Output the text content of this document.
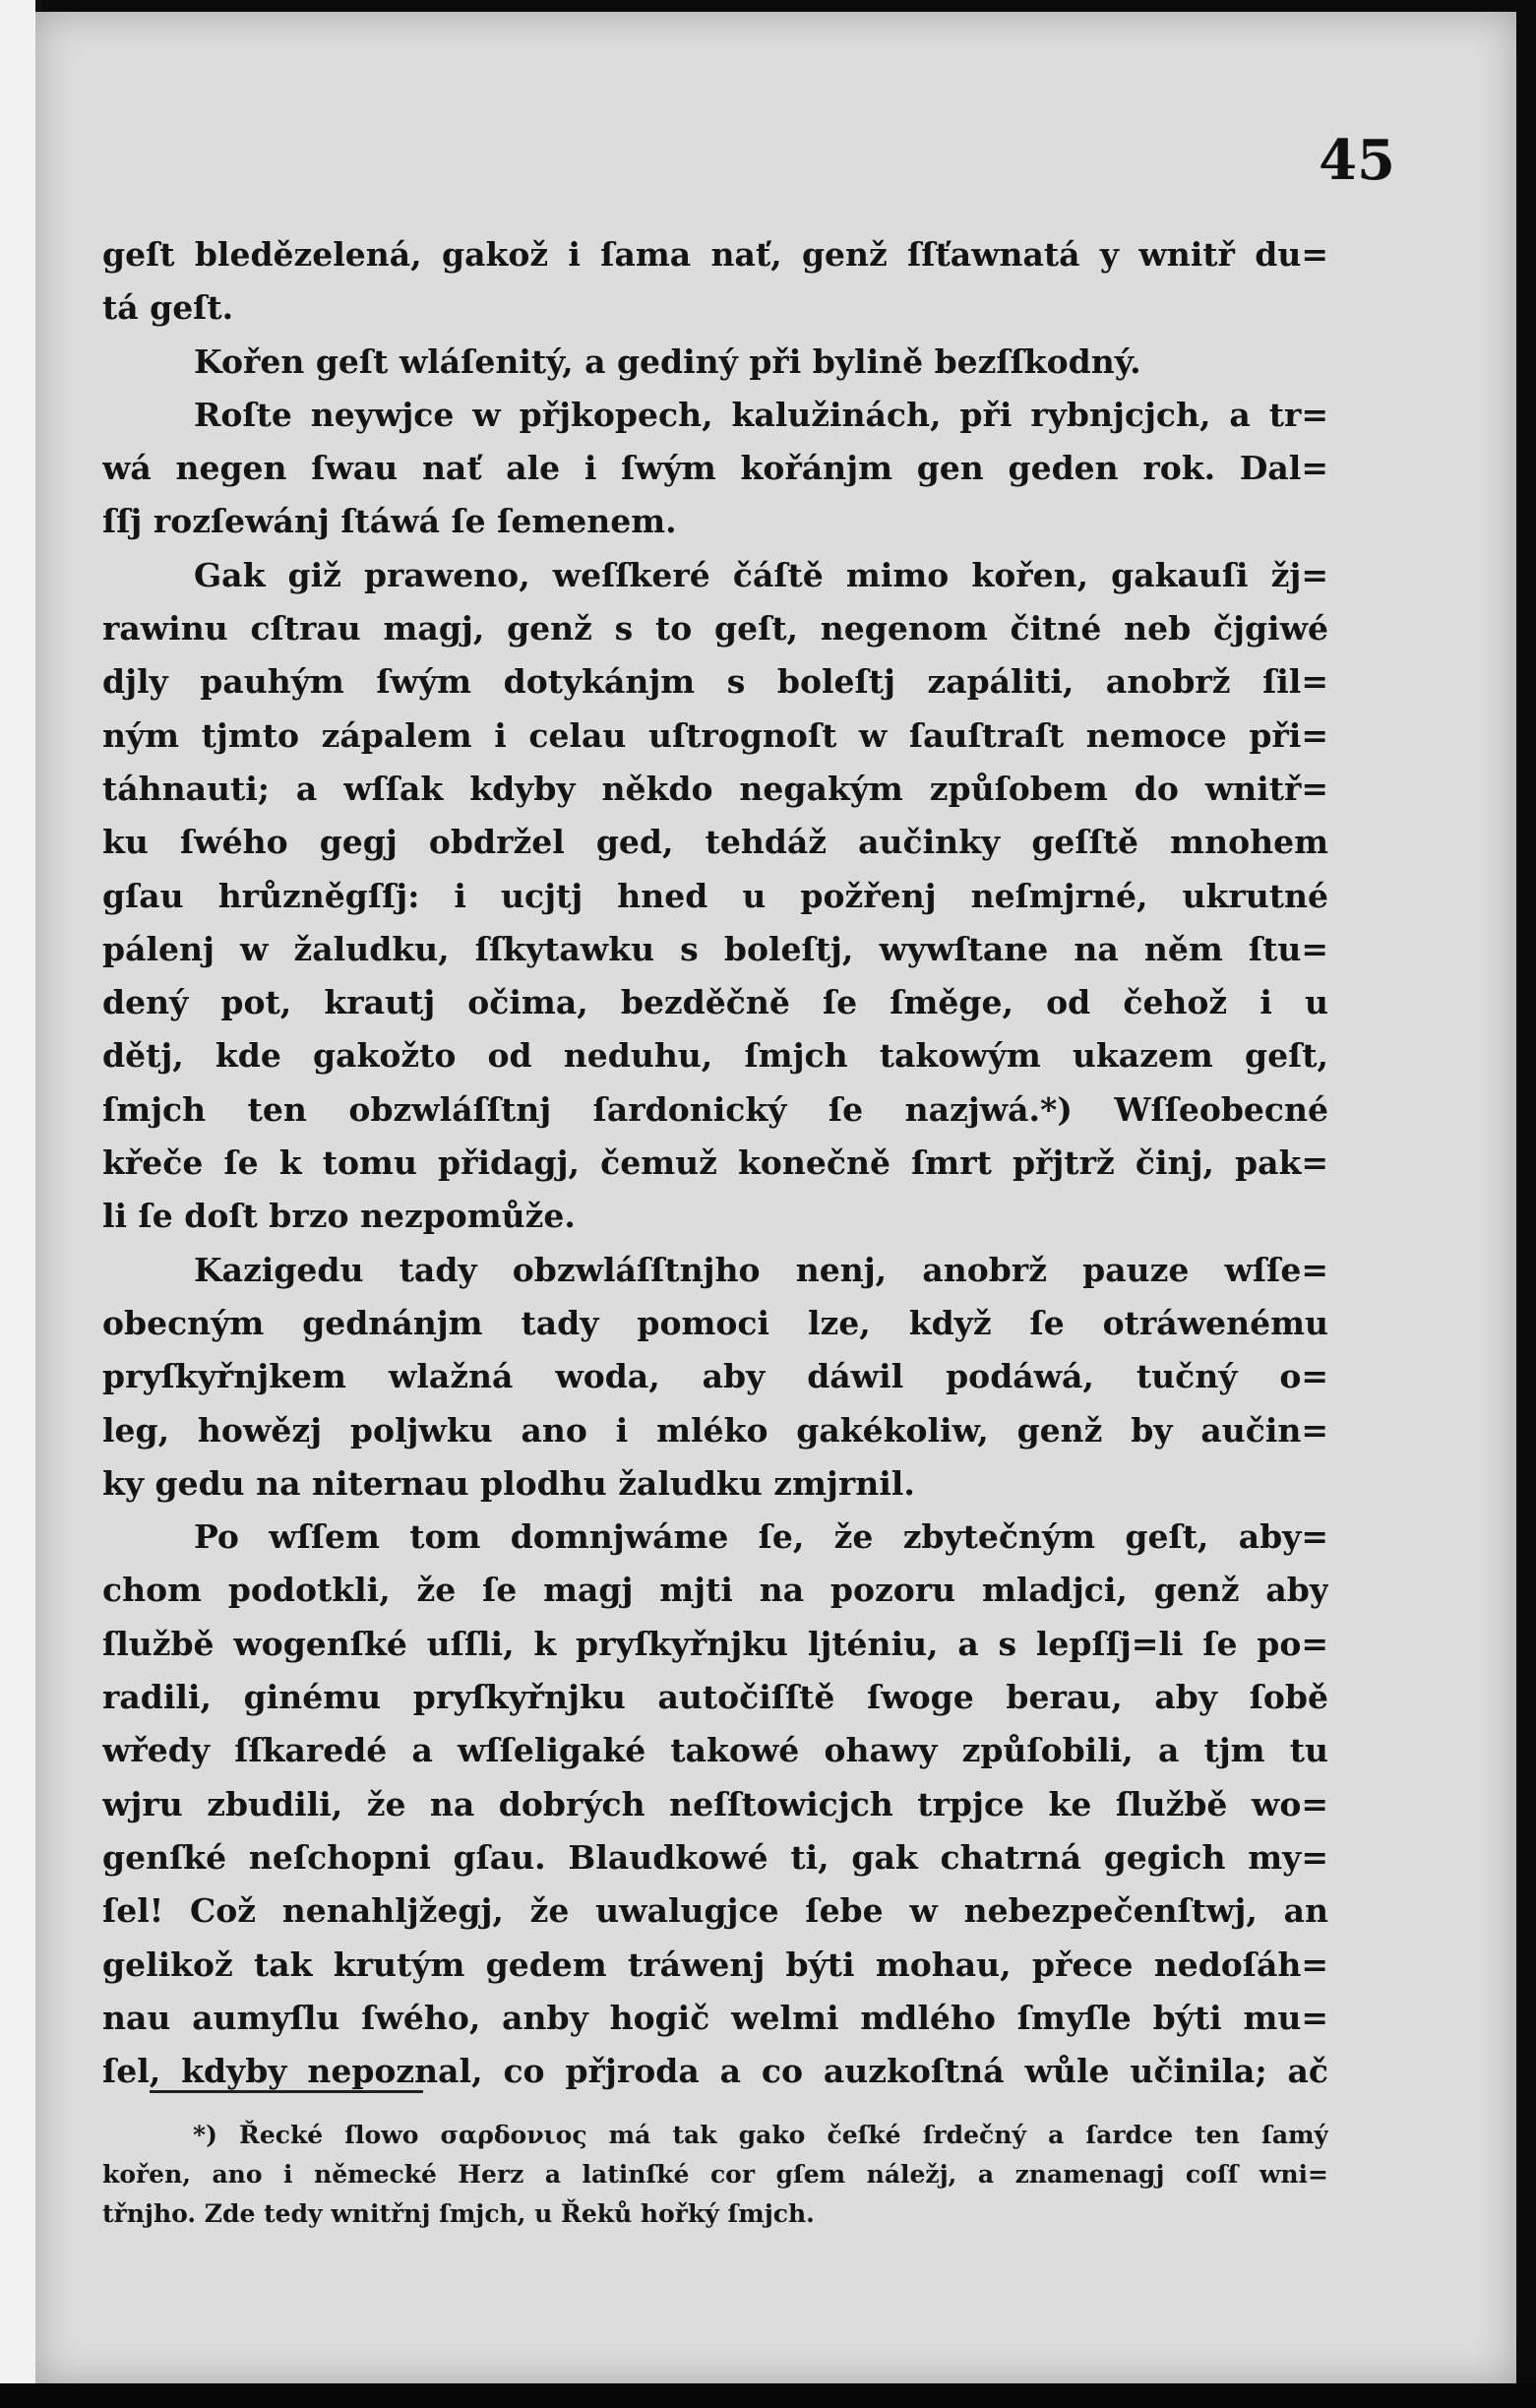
45
geſt bledězelená, gakož i ſama nať, genž ſſťawnatá y wnitř du=
tá geſt.
Kořen geſt wláſenitý, a gediný při bylině bezſſkodný.
Roſte neywjce w přjkopech, kalužinách, při rybnjcjch, a tr=
wá negen ſwau nať ale i ſwým kořánjm gen geden rok. Dal=
ſſj rozſewánj ſtáwá ſe ſemenem.
Gak giž prawenо, weſſkeré čáſtě mimo kořen, gakauſi žj=
rawinu cſtrau magj, genž s to geſt, negenom čitné neb čjgiwé
djly pauhým ſwým dotykánjm s boleſtj zapáliti, anobrž ſil=
ným tjmto zápalem i celau uſtrognoſt w ſauſtraſt nemoce při=
táhnauti; a wſſak kdyby někdo negakým způſobem do wnitř=
ku ſwého gegj obdržel ged, tehdáž aučinky geſſtě mnohem
gſau hrůzněgſſj: i ucjtj hned u požřenj neſmjrné, ukrutné
pálenj w žaludku, ſſkytawku s boleſtj, wywſtane na něm ſtu=
dený pot, krautj očima, bezděčně ſe ſměge, od čehož i u
dětj, kde gakožto od neduhu, ſmjch takowým ukazem geſt,
ſmjch ten obzwláſſtnj ſardonický ſe nazjwá.*) Wſſeobecné
křeče ſe k tomu přidagj, čemuž konečně ſmrt přjtrž činj, pak=
li ſe doſt brzo nezpomůže.
Kazigedu tady obzwláſſtnjho nenj, anobrž pauze wſſe=
obecným gednánjm tady pomoci lze, když ſe otráwenému
pryſkyřnjkem wlažná woda, aby dáwil podáwá, tučný o=
leg, howězj poljwku ano i mléko gakékoliw, genž by aučin=
ky gedu na niternau plodhu žaludku zmjrnil.
Po wſſem tom domnjwáme ſe, že zbytečným geſt, aby=
chom podotkli, že ſe magj mjti na pozoru mladjci, genž aby
ſlužbě wogenſké uſſli, k pryſkyřnjku ljténiu, a s lepſſj=li ſe po=
radili, ginému pryſkyřnjku autočiſſtě ſwoge berau, aby ſobě
wředy ſſkaredé a wſſeligaké takowé ohawy způſobili, a tjm tu
wjru zbudili, že na dobrých neſſtowicjch trpjce ke ſlužbě wo=
genſké neſchopni gſau. Blaudkowé ti, gak chatrná gegich my=
ſel! Což nenahljžegj, že uwalugjce ſebe w nebezpečenſtwj, an
gelikož tak krutým gedem tráwenj býti mohau, přece nedoſáh=
nau aumyſlu ſwého, anby hogič welmi mdlého ſmyſle býti mu=
ſel, kdyby nepoznal, co přjroda a co auzkoſtná wůle učinila; ač
*) Řecké ſlowo σαρδονιος má tak gako čeſké ſrdečný a ſardce ten ſamý
kořen, ano i německé Herz a latinſké cor gſem náležj, a znamenagj coſſ wni=
třnjho. Zde tedy wnitřnj ſmjch, u Řeků hořký ſmjch.
